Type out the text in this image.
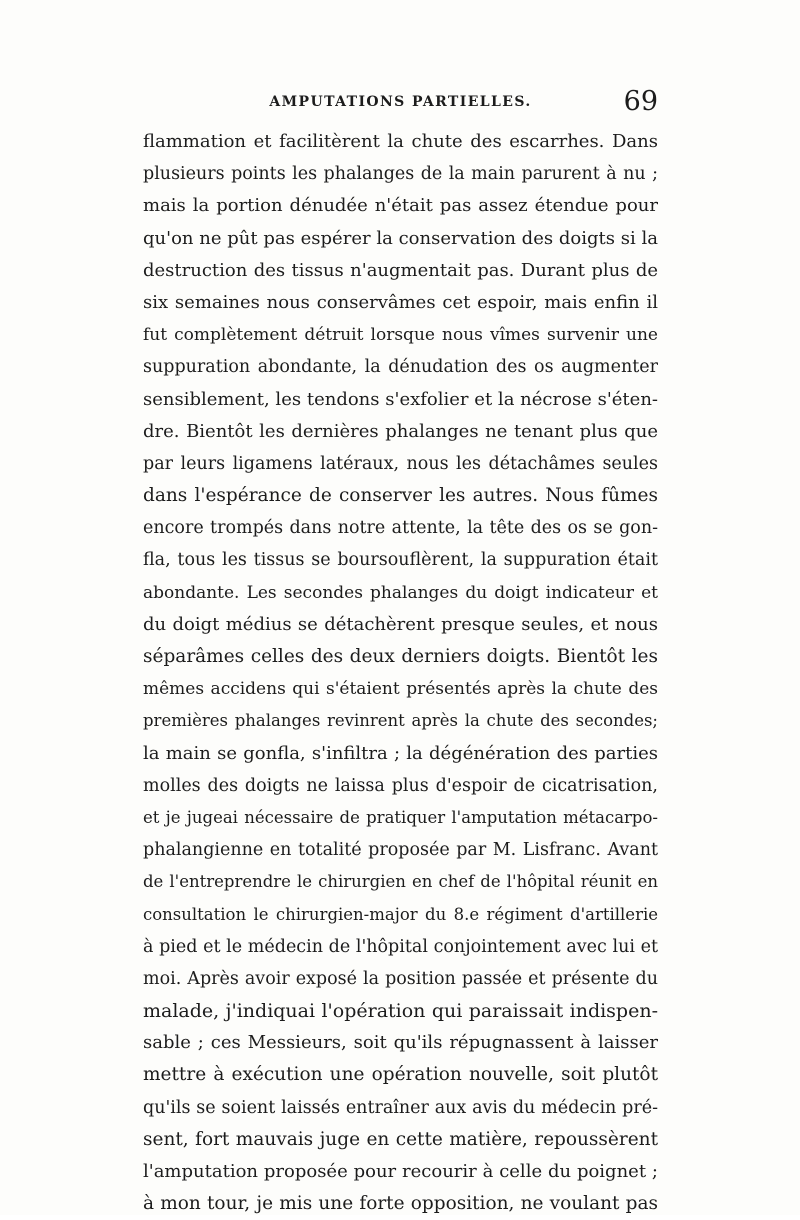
AMPUTATIONS PARTIELLES.	69
flammation et facilitèrent la chute des escarrhes. Dans
plusieurs points les phalanges de la main parurent à nu ;
mais la portion dénudée n'était pas assez étendue pour
qu'on ne pût pas espérer la conservation des doigts si la
destruction des tissus n'augmentait pas. Durant plus de
six semaines nous conservâmes cet espoir, mais enfin il
fut complètement détruit lorsque nous vîmes survenir une
suppuration abondante, la dénudation des os augmenter
sensiblement, les tendons s'exfolier et la nécrose s'éten-
dre. Bientôt les dernières phalanges ne tenant plus que
par leurs ligamens latéraux, nous les détachâmes seules
dans l'espérance de conserver les autres. Nous fûmes
encore trompés dans notre attente, la tête des os se gon-
fla, tous les tissus se boursouflèrent, la suppuration était
abondante. Les secondes phalanges du doigt indicateur et
du doigt médius se détachèrent presque seules, et nous
séparâmes celles des deux derniers doigts. Bientôt les
mêmes accidens qui s'étaient présentés après la chute des
premières phalanges revinrent après la chute des secondes;
la main se gonfla, s'infiltra ; la dégénération des parties
molles des doigts ne laissa plus d'espoir de cicatrisation,
et je jugeai nécessaire de pratiquer l'amputation métacarpo-
phalangienne en totalité proposée par M. Lisfranc. Avant
de l'entreprendre le chirurgien en chef de l'hôpital réunit en
consultation le chirurgien-major du 8.e régiment d'artillerie
à pied et le médecin de l'hôpital conjointement avec lui et
moi. Après avoir exposé la position passée et présente du
malade, j'indiquai l'opération qui paraissait indispen-
sable ; ces Messieurs, soit qu'ils répugnassent à laisser
mettre à exécution une opération nouvelle, soit plutôt
qu'ils se soient laissés entraîner aux avis du médecin pré-
sent, fort mauvais juge en cette matière, repoussèrent
l'amputation proposée pour recourir à celle du poignet ;
à mon tour, je mis une forte opposition, ne voulant pas
